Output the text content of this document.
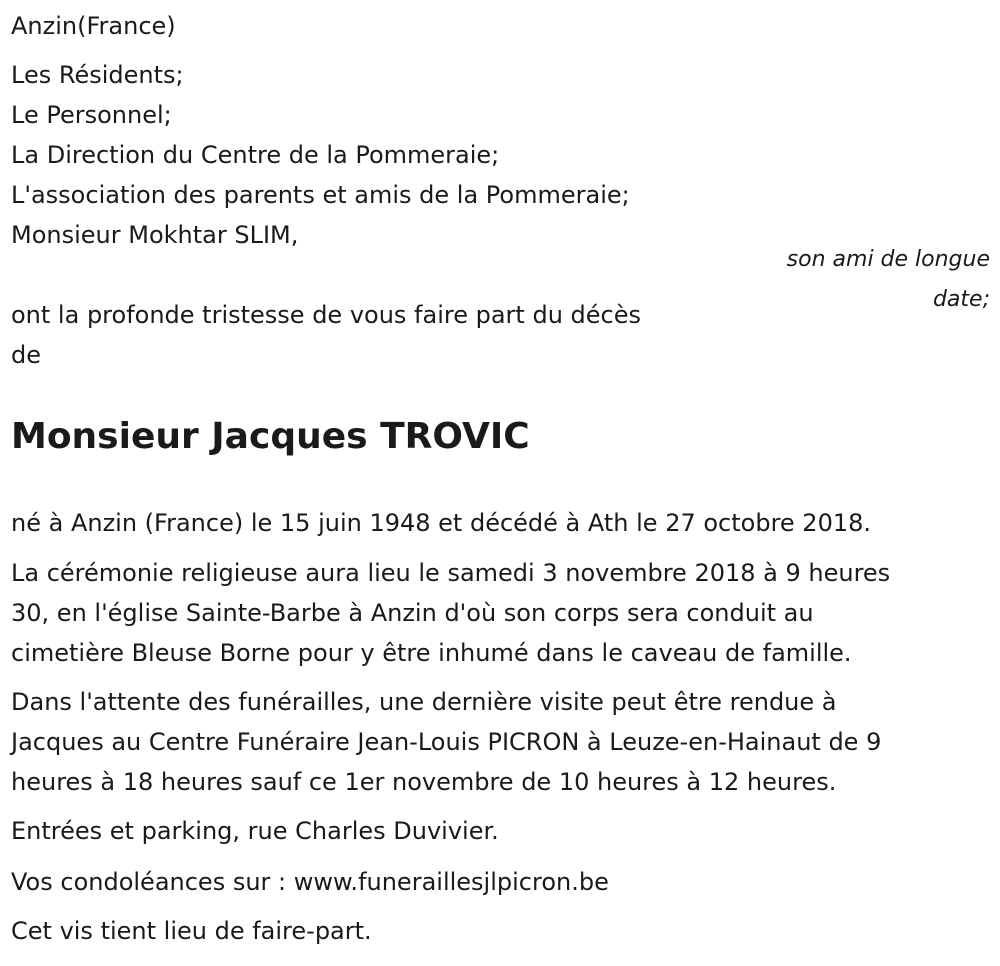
Anzin(France)
Les Résidents;
Le Personnel;
La Direction du Centre de la Pommeraie;
L'association des parents et amis de la Pommeraie;
Monsieur Mokhtar SLIM,
son ami de longue
date;
ont la profonde tristesse de vous faire part du décès
de
Monsieur Jacques TROVIC
né à Anzin (France) le 15 juin 1948 et décédé à Ath le 27 octobre 2018.
La cérémonie religieuse aura lieu le samedi 3 novembre 2018 à 9 heures
30, en l'église Sainte-Barbe à Anzin d'où son corps sera conduit au
cimetière Bleuse Borne pour y être inhumé dans le caveau de famille.
Dans l'attente des funérailles, une dernière visite peut être rendue à
Jacques au Centre Funéraire Jean-Louis PICRON à Leuze-en-Hainaut de 9
heures à 18 heures sauf ce 1er novembre de 10 heures à 12 heures.
Entrées et parking, rue Charles Duvivier.
Vos condoléances sur : www.funeraillesjlpicron.be
Cet vis tient lieu de faire-part.
